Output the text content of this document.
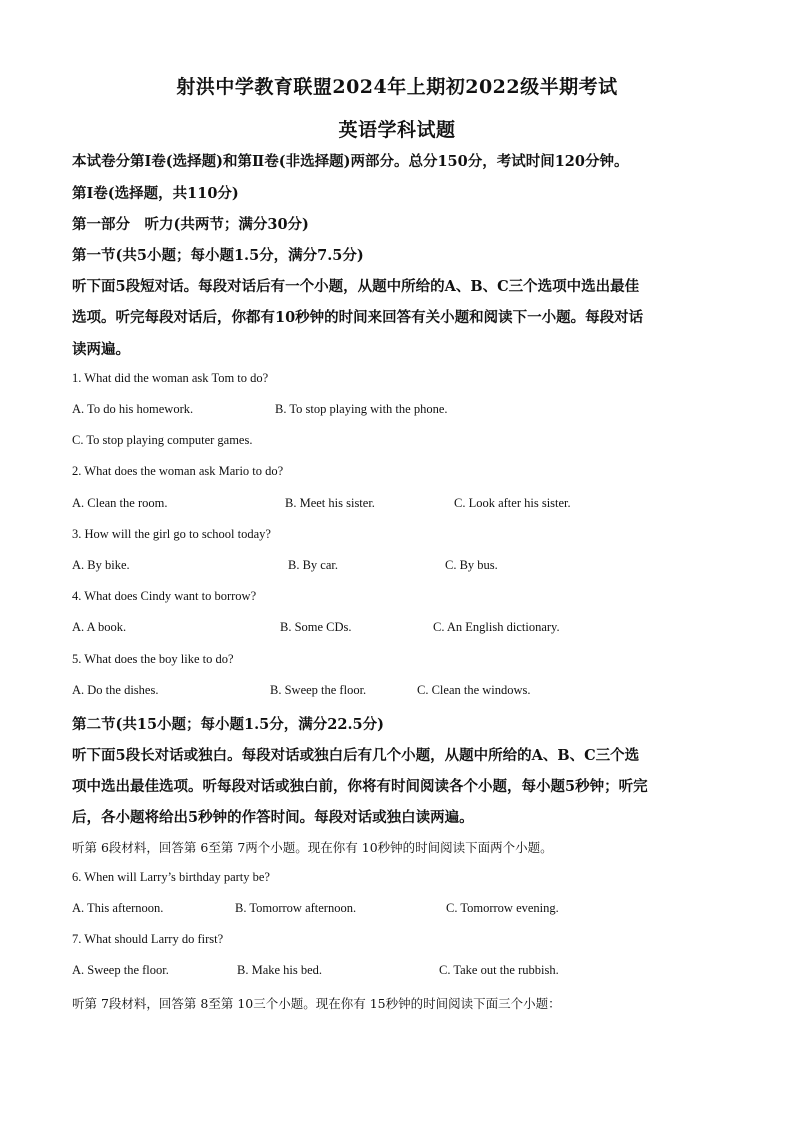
射洪中学教育联盟2024年上期初2022级半期考试
英语学科试题
本试卷分第Ⅰ卷(选择题)和第Ⅱ卷(非选择题)两部分。总分150分，考试时间120分钟。
第Ⅰ卷(选择题，共110分)
第一部分　听力(共两节；满分30分)
第一节(共5小题；每小题1.5分，满分7.5分)
听下面5段短对话。每段对话后有一个小题，从题中所给的A、B、C三个选项中选出最佳
选项。听完每段对话后，你都有10秒钟的时间来回答有关小题和阅读下一小题。每段对话
读两遍。
1. What did the woman ask Tom to do?
A. To do his homework.	B. To stop playing with the phone.
C. To stop playing computer games.
2. What does the woman ask Mario to do?
A. Clean the room.	B. Meet his sister.	C. Look after his sister.
3. How will the girl go to school today?
A. By bike.	B. By car.	C. By bus.
4. What does Cindy want to borrow?
A. A book.	B. Some CDs.	C. An English dictionary.
5. What does the boy like to do?
A. Do the dishes.	B. Sweep the floor.	C. Clean the windows.
第二节(共15小题；每小题1.5分，满分22.5分)
听下面5段长对话或独白。每段对话或独白后有几个小题，从题中所给的A、B、C三个选
项中选出最佳选项。听每段对话或独白前，你将有时间阅读各个小题，每小题5秒钟；听完
后，各小题将给出5秒钟的作答时间。每段对话或独白读两遍。
听第 6段材料，回答第 6至第 7两个小题。现在你有 10秒钟的时间阅读下面两个小题。
6. When will Larry’s birthday party be?
A. This afternoon.	B. Tomorrow afternoon.	C. Tomorrow evening.
7. What should Larry do first?
A. Sweep the floor.	B. Make his bed.	C. Take out the rubbish.
听第 7段材料，回答第 8至第 10三个小题。现在你有 15秒钟的时间阅读下面三个小题：
